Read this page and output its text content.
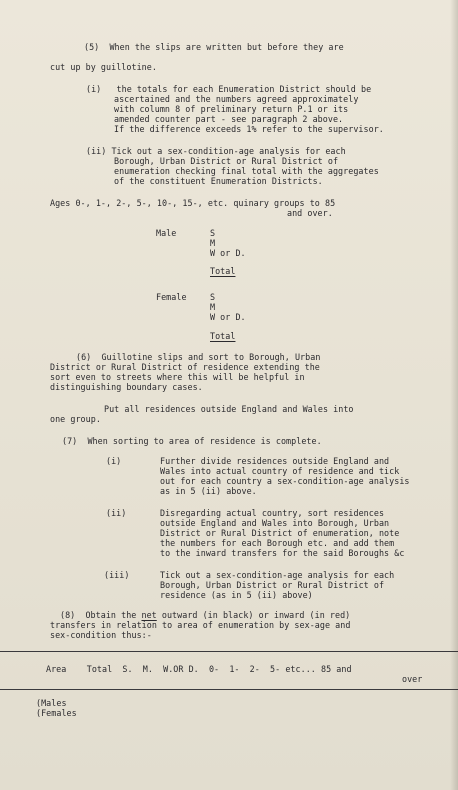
(5)  When the slips are written but before they are
cut up by guillotine.
(i)   the totals for each Enumeration District should be
ascertained and the numbers agreed approximately
with column 8 of preliminary return P.1 or its
amended counter part - see paragraph 2 above.
If the difference exceeds 1% refer to the supervisor.
(ii) Tick out a sex-condition-age analysis for each
Borough, Urban District or Rural District of
enumeration checking final total with the aggregates
of the constituent Enumeration Districts.
Ages 0-, 1-, 2-, 5-, 10-, 15-, etc. quinary groups to 85
and over.
Male	S
M
W or D.
Total
Female	S
M
W or D.
Total
(6)  Guillotine slips and sort to Borough, Urban
District or Rural District of residence extending the
sort even to streets where this will be helpful in
distinguishing boundary cases.
Put all residences outside England and Wales into
one group.
(7)  When sorting to area of residence is complete.
(i)	Further divide residences outside England and
Wales into actual country of residence and tick
out for each country a sex-condition-age analysis
as in 5 (ii) above.
(ii)	Disregarding actual country, sort residences
outside England and Wales into Borough, Urban
District or Rural District of enumeration, note
the numbers for each Borough etc. and add them
to the inward transfers for the said Boroughs &c
(iii)	Tick out a sex-condition-age analysis for each
Borough, Urban District or Rural District of
residence (as in 5 (ii) above)
(8)  Obtain the net outward (in black) or inward (in red)
transfers in relation to area of enumeration by sex-age and
sex-condition thus:-
Area    Total  S.  M.  W.OR D.  0-  1-  2-  5- etc... 85 and
over
(Males
(Females
